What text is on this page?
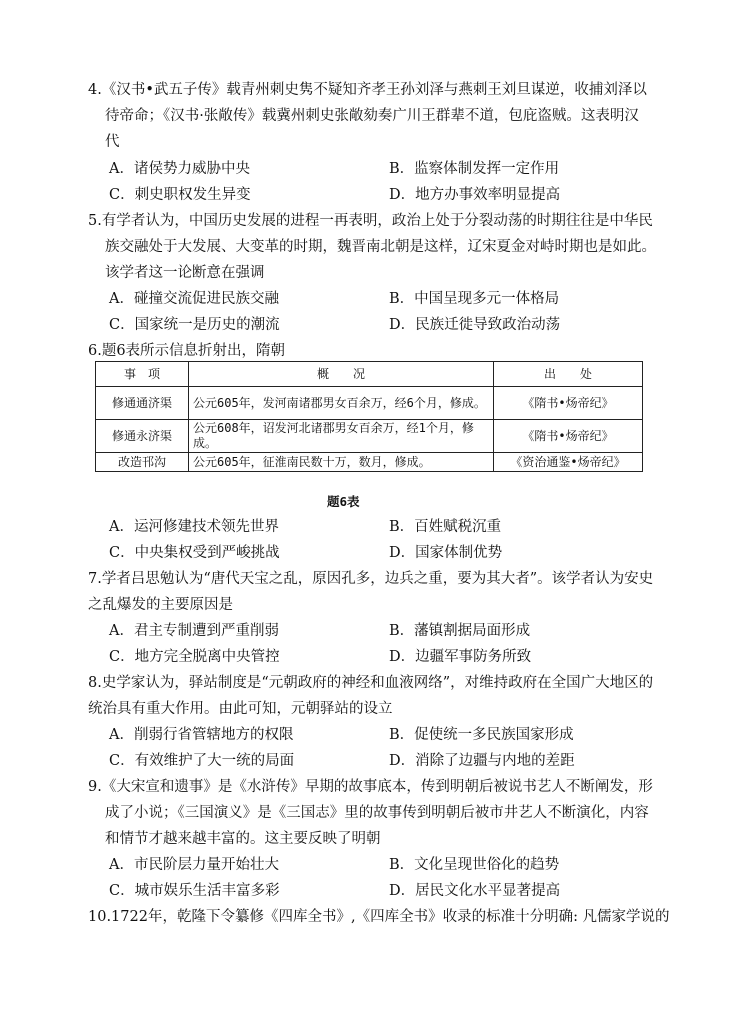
4.《汉书•武五子传》载青州刺史隽不疑知齐孝王孙刘泽与燕刺王刘旦谋逆，收捕刘泽以
待帝命；《汉书·张敞传》载冀州刺史张敞劾奏广川王群辈不道，包庇盗贼。这表明汉
代
A．诸侯势力威胁中央	B．监察体制发挥一定作用
C．刺史职权发生异变	D．地方办事效率明显提高
5.有学者认为，中国历史发展的进程一再表明，政治上处于分裂动荡的时期往往是中华民
族交融处于大发展、大变革的时期，魏晋南北朝是这样，辽宋夏金对峙时期也是如此。
该学者这一论断意在强调
A．碰撞交流促进民族交融	B．中国呈现多元一体格局
C．国家统一是历史的潮流	D．民族迁徙导致政治动荡
6.题6表所示信息折射出，隋朝
事　项	概　　况	出　　处
修通通济渠	公元605年，发河南诸郡男女百余万，经6个月，修成。	《隋书•炀帝纪》
修通永济渠	公元608年，诏发河北诸郡男女百余万，经1个月，修成。	《隋书•炀帝纪》
改造邗沟	公元605年，征淮南民数十万，数月，修成。	《资治通鉴•炀帝纪》
题6表
A．运河修建技术领先世界	B．百姓赋税沉重
C．中央集权受到严峻挑战	D．国家体制优势
7.学者吕思勉认为“唐代天宝之乱，原因孔多，边兵之重，要为其大者”。该学者认为安史
之乱爆发的主要原因是
A．君主专制遭到严重削弱	B．藩镇割据局面形成
C．地方完全脱离中央管控	D．边疆军事防务所致
8.史学家认为，驿站制度是“元朝政府的神经和血液网络”，对维持政府在全国广大地区的
统治具有重大作用。由此可知，元朝驿站的设立
A．削弱行省管辖地方的权限	B．促使统一多民族国家形成
C．有效维护了大一统的局面	D．消除了边疆与内地的差距
9.《大宋宣和遗事》是《水浒传》早期的故事底本，传到明朝后被说书艺人不断阐发，形
成了小说；《三国演义》是《三国志》里的故事传到明朝后被市井艺人不断演化，内容
和情节才越来越丰富的。这主要反映了明朝
A．市民阶层力量开始壮大	B．文化呈现世俗化的趋势
C．城市娱乐生活丰富多彩	D．居民文化水平显著提高
10.1722年，乾隆下令纂修《四库全书》,《四库全书》收录的标准十分明确: 凡儒家学说的
